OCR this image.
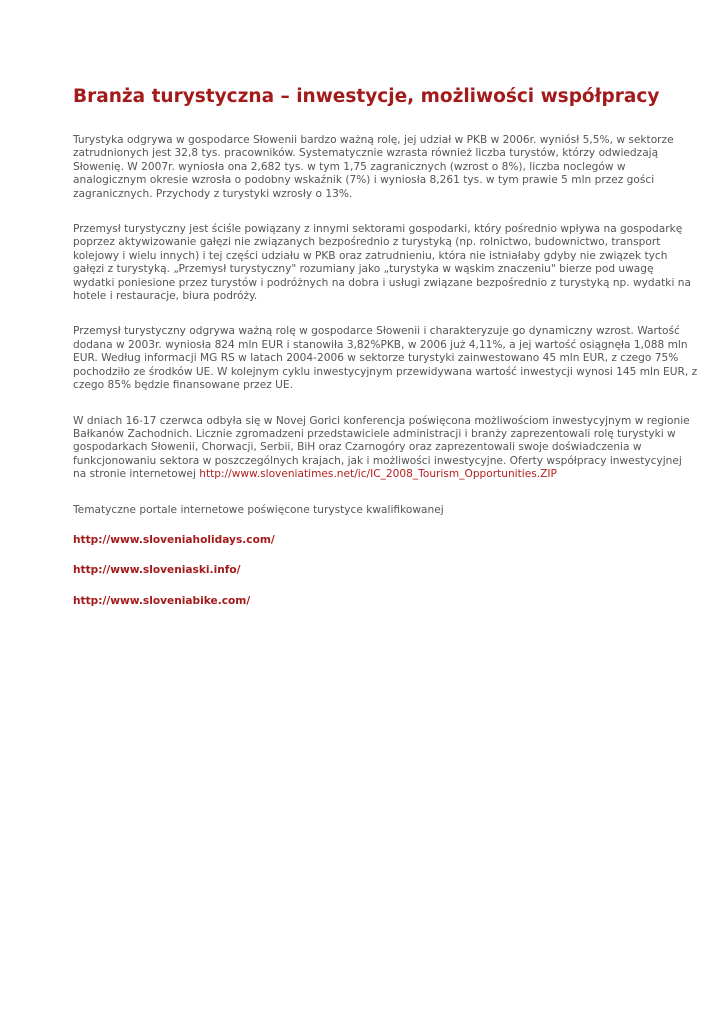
Branża turystyczna – inwestycje, możliwości współpracy

Turystyka odgrywa w gospodarce Słowenii bardzo ważną rolę, jej udział w PKB w 2006r. wyniósł 5,5%, w sektorze zatrudnionych jest 32,8 tys. pracowników. Systematycznie wzrasta również liczba turystów, którzy odwiedzają Słowenię. W 2007r. wyniosła ona 2,682 tys. w tym 1,75 zagranicznych (wzrost o 8%), liczba noclegów w analogicznym okresie wzrosła o podobny wskaźnik (7%) i wyniosła 8,261 tys. w tym prawie 5 mln przez gości zagranicznych. Przychody z turystyki wzrosły o 13%.

Przemysł turystyczny jest ściśle powiązany z innymi sektorami gospodarki, który pośrednio wpływa na gospodarkę poprzez aktywizowanie gałęzi nie związanych bezpośrednio z turystyką (np. rolnictwo, budownictwo, transport kolejowy i wielu innych) i tej części udziału w PKB oraz zatrudnieniu, która nie istniałaby gdyby nie związek tych gałęzi z turystyką. „Przemysł turystyczny" rozumiany jako „turystyka w wąskim znaczeniu" bierze pod uwagę wydatki poniesione przez turystów i podróżnych na dobra i usługi związane bezpośrednio z turystyką np. wydatki na hotele i restauracje, biura podróży.

Przemysł turystyczny odgrywa ważną rolę w gospodarce Słowenii i charakteryzuje go dynamiczny wzrost. Wartość dodana w 2003r. wyniosła 824 mln EUR i stanowiła 3,82%PKB, w 2006 już 4,11%, a jej wartość osiągnęła 1,088 mln EUR. Według informacji MG RS w latach 2004-2006 w sektorze turystyki zainwestowano 45 mln EUR, z czego 75% pochodziło ze środków UE. W kolejnym cyklu inwestycyjnym przewidywana wartość inwestycji wynosi 145 mln EUR, z czego 85% będzie finansowane przez UE.

W dniach 16-17 czerwca odbyła się w Novej Gorici konferencja poświęcona możliwościom inwestycyjnym w regionie Bałkanów Zachodnich. Licznie zgromadzeni przedstawiciele administracji i branży zaprezentowali rolę turystyki w gospodarkach Słowenii, Chorwacji, Serbii, BiH oraz Czarnogóry oraz zaprezentowali swoje doświadczenia w funkcjonowaniu sektora w poszczególnych krajach, jak i możliwości inwestycyjne. Oferty współpracy inwestycyjnej na stronie internetowej http://www.sloveniatimes.net/ic/IC_2008_Tourism_Opportunities.ZIP

Tematyczne portale internetowe poświęcone turystyce kwalifikowanej

http://www.sloveniaholidays.com/
http://www.sloveniaski.info/
http://www.sloveniabike.com/
